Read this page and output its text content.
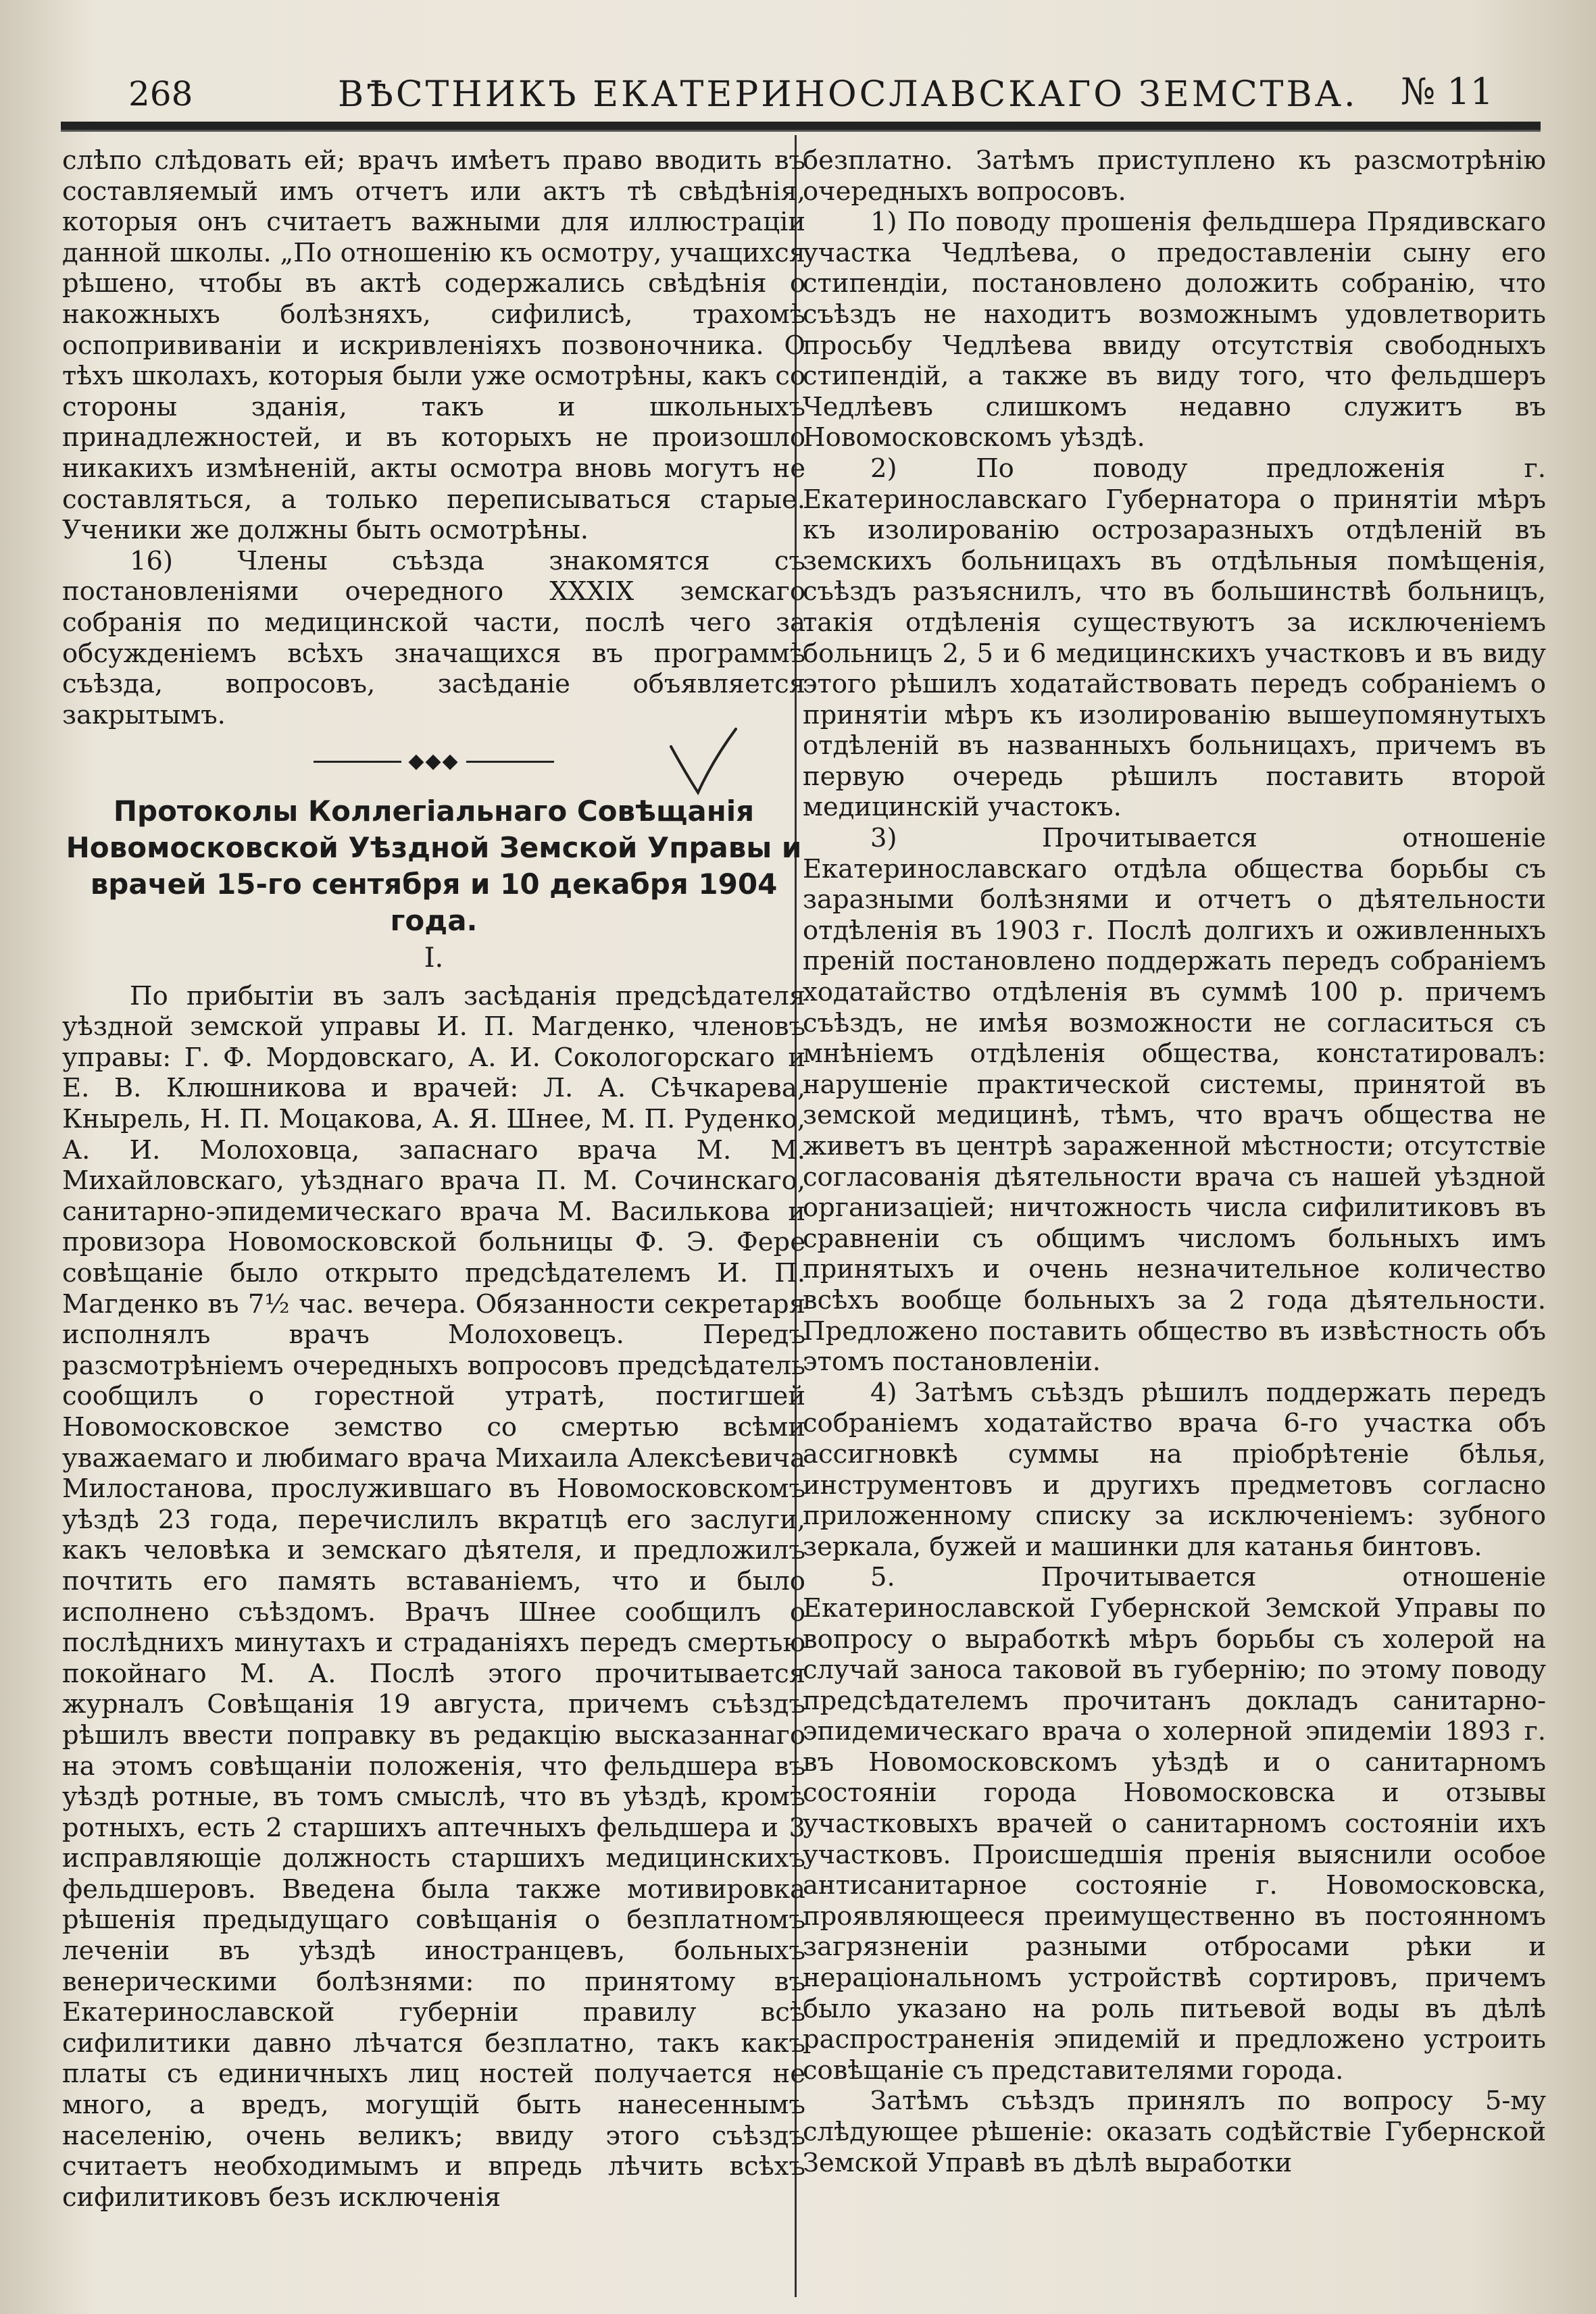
268	ВѢСТНИКЪ ЕКАТЕРИНОСЛАВСКАГО ЗЕМСТВА. № 11

слѣпо слѣдовать ей; врачъ имѣетъ право вводить въ составляемый имъ отчетъ или актъ тѣ свѣдѣнія, которыя онъ считаетъ важными для иллюстраціи данной школы. „По отношенію къ осмотру, учащихся рѣшено, чтобы въ актѣ содержались свѣдѣнія о накожныхъ болѣзняхъ, сифилисѣ, трахомѣ оспопрививаніи и искривленіяхъ позвоночника. О тѣхъ школахъ, которыя были уже осмотрѣны, какъ со стороны зданія, такъ и школьныхъ принадлежностей, и въ которыхъ не произошло никакихъ измѣненій, акты осмотра вновь могутъ не составляться, а только переписываться старые. Ученики же должны быть осмотрѣны.

16) Члены съѣзда знакомятся съ постановленіями очередного XXXIX земскаго собранія по медицинской части, послѣ чего за обсужденіемъ всѣхъ значащихся въ программѣ съѣзда, вопросовъ, засѣданіе объявляется закрытымъ.

◆◆◆
Протоколы Коллегіальнаго Совѣщанія Новомосковской Уѣздной Земской Управы и врачей 15-го сентября и 10 декабря 1904 года.
I.

По прибытіи въ залъ засѣданія предсѣдателя уѣздной земской управы И. П. Магденко, членовъ управы: Г. Ф. Мордовскаго, А. И. Сокологорскаго и Е. В. Клюшникова и врачей: Л. А. Сѣчкарева, Кнырель, Н. П. Моцакова, А. Я. Шнее, М. П. Руденко, А. И. Молоховца, запаснаго врача М. М. Михайловскаго, уѣзднаго врача П. М. Сочинскаго, санитарно-эпидемическаго врача М. Василькова и провизора Новомосковской больницы Ф. Э. Фере совѣщаніе было открыто предсѣдателемъ И. П. Магденко въ 7½ час. вечера. Обязанности секретаря исполнялъ врачъ Молоховецъ. Передъ разсмотрѣніемъ очередныхъ вопросовъ предсѣдатель сообщилъ о горестной утратѣ, постигшей Новомосковское земство со смертью всѣми уважаемаго и любимаго врача Михаила Алексѣевича Милостанова, прослужившаго въ Новомосковскомъ уѣздѣ 23 года, перечислилъ вкратцѣ его заслуги, какъ человѣка и земскаго дѣятеля, и предложилъ почтить его память вставаніемъ, что и было исполнено съѣздомъ. Врачъ Шнее сообщилъ о послѣднихъ минутахъ и страданіяхъ передъ смертью покойнаго М. А. Послѣ этого прочитывается журналъ Совѣщанія 19 августа, причемъ съѣздъ рѣшилъ ввести поправку въ редакцію высказаннаго на этомъ совѣщаніи положенія, что фельдшера въ уѣздѣ ротные, въ томъ смыслѣ, что въ уѣздѣ, кромѣ ротныхъ, есть 2 старшихъ аптечныхъ фельдшера и 3 исправляющіе должность старшихъ медицинскихъ фельдшеровъ. Введена была также мотивировка рѣшенія предыдущаго совѣщанія о безплатномъ леченіи въ уѣздѣ иностранцевъ, больныхъ венерическими болѣзнями: по принятому въ Екатеринославской губерніи правилу всѣ сифилитики давно лѣчатся безплатно, такъ какъ платы съ единичныхъ лиц ностей получается не много, а вредъ, могущій быть нанесеннымъ населенію, очень великъ; ввиду этого съѣздъ считаетъ необходимымъ и впредь лѣчить всѣхъ сифилитиковъ безъ исключенія

безплатно. Затѣмъ приступлено къ разсмотрѣнію очередныхъ вопросовъ.

1) По поводу прошенія фельдшера Прядивскаго участка Чедлѣева, о предоставленіи сыну его стипендіи, постановлено доложить собранію, что съѣздъ не находитъ возможнымъ удовлетворить просьбу Чедлѣева ввиду отсутствія свободныхъ стипендій, а также въ виду того, что фельдшеръ Чедлѣевъ слишкомъ недавно служитъ въ Новомосковскомъ уѣздѣ.

2) По поводу предложенія г. Екатеринославскаго Губернатора о принятіи мѣръ къ изолированію острозаразныхъ отдѣленій въ земскихъ больницахъ въ отдѣльныя помѣщенія, съѣздъ разъяснилъ, что въ большинствѣ больницъ, такія отдѣленія существуютъ за исключеніемъ больницъ 2, 5 и 6 медицинскихъ участковъ и въ виду этого рѣшилъ ходатайствовать передъ собраніемъ о принятіи мѣръ къ изолированію вышеупомянутыхъ отдѣленій въ названныхъ больницахъ, причемъ въ первую очередь рѣшилъ поставить второй медицинскій участокъ.

3) Прочитывается отношеніе Екатеринославскаго отдѣла общества борьбы съ заразными болѣзнями и отчетъ о дѣятельности отдѣленія въ 1903 г. Послѣ долгихъ и оживленныхъ преній постановлено поддержать передъ собраніемъ ходатайство отдѣленія въ суммѣ 100 р. причемъ съѣздъ, не имѣя возможности не согласиться съ мнѣніемъ отдѣленія общества, констатировалъ: нарушеніе практической системы, принятой въ земской медицинѣ, тѣмъ, что врачъ общества не живетъ въ центрѣ зараженной мѣстности; отсутствіе согласованія дѣятельности врача съ нашей уѣздной организаціей; ничтожность числа сифилитиковъ въ сравненіи съ общимъ числомъ больныхъ имъ принятыхъ и очень незначительное количество всѣхъ вообще больныхъ за 2 года дѣятельности. Предложено поставить общество въ извѣстность объ этомъ постановленіи.

4) Затѣмъ съѣздъ рѣшилъ поддержать передъ собраніемъ ходатайство врача 6-го участка объ ассигновкѣ суммы на пріобрѣтеніе бѣлья, инструментовъ и другихъ предметовъ согласно приложенному списку за исключеніемъ: зубного зеркала, бужей и машинки для катанья бинтовъ.

5. Прочитывается отношеніе Екатеринославской Губернской Земской Управы по вопросу о выработкѣ мѣръ борьбы съ холерой на случай заноса таковой въ губернію; по этому поводу предсѣдателемъ прочитанъ докладъ санитарно-эпидемическаго врача о холерной эпидеміи 1893 г. въ Новомосковскомъ уѣздѣ и о санитарномъ состояніи города Новомосковска и отзывы участковыхъ врачей о санитарномъ состояніи ихъ участковъ. Происшедшія пренія выяснили особое антисанитарное состояніе г. Новомосковска, проявляющееся преимущественно въ постоянномъ загрязненіи разными отбросами рѣки и нераціональномъ устройствѣ сортировъ, причемъ было указано на роль питьевой воды въ дѣлѣ распространенія эпидемій и предложено устроить совѣщаніе съ представителями города.

Затѣмъ съѣздъ принялъ по вопросу 5-му слѣдующее рѣшеніе: оказать содѣйствіе Губернской Земской Управѣ въ дѣлѣ выработки
